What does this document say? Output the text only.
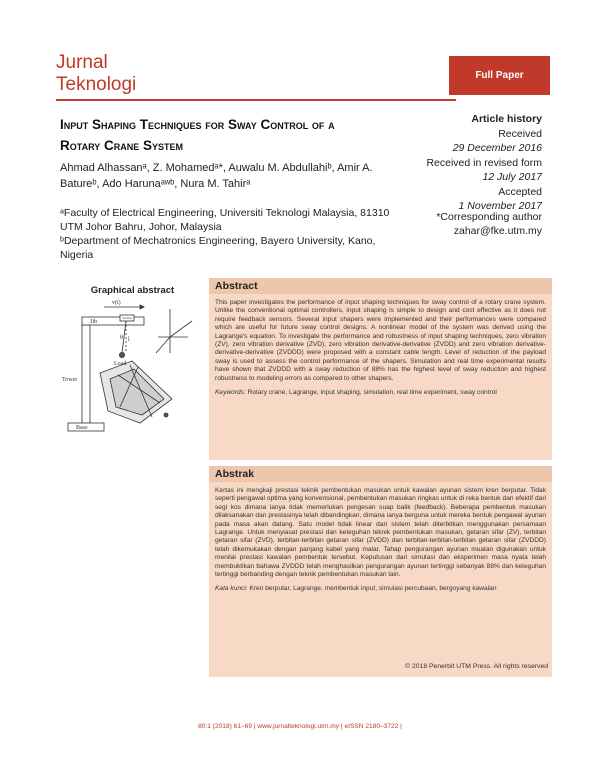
Jurnal
Teknologi	Full Paper
Input Shaping Techniques for Sway Control of a
Rotary Crane System
Article history
Received
29 December 2016
Received in revised form
12 July 2017
Accepted
1 November 2017
Ahmad Alhassanᵃ, Z. Mohamedᵃ*, Auwalu M. Abdullahiᵇ, Amir A.
Batureᵇ, Ado Harunaᵃʷᵇ, Nura M. Tahirᵃ

ᵃFaculty of Electrical Engineering, Universiti Teknologi Malaysia, 81310 UTM Johor Bahru, Johor, Malaysia

ᵇDepartment of Mechatronics Engineering, Bayero University, Kano, Nigeria

*Corresponding author
zahar@fke.utm.my
Graphical abstract
v(t)
Jib
Trolley
l
θ
Load
Tower
Base
Abstract
This paper investigates the performance of input shaping techniques for sway control of a rotary crane system. Unlike the conventional optimal controllers, input shaping is simple to design and cost effective as it does not require feedback sensors. Several input shapers were implemented and their performances were compared which are useful for future sway control designs. A nonlinear model of the system was derived using the Lagrange's equation. To investigate the performance and robustness of input shaping techniques, zero vibration (ZV), zero vibration derivative (ZVD), zero vibration derivative-derivative (ZVDD) and zero vibration derivative-derivative-derivative (ZVDDD) were proposed with a constant cable length. Level of reduction of the payload sway is used to assess the control performance of the shapers. Simulation and real time experimental results have shown that ZVDDD with a sway reduction of 88% has the highest level of sway reduction and highest robustness to modeling errors as compared to other shapers.
Keywords: Rotary crane, Lagrange, input shaping, simulation, real time experiment, sway control
Abstrak
Kertas ini mengkaji prestasi teknik pembentukan masukan untuk kawalan ayunan sistem kren berputar. Tidak seperti pengawal optima yang konvensional, pembentukan masukan ringkas untuk di reka bentuk dan efektif dari segi kos dimana ianya tidak memerlukan pengesan suap balik (feedback). Beberapa pembentuk masukan dilaksanakan dan prestasinya telah dibandingkan, dimana ianya berguna untuk mereka bentuk pengawal ayunan pada masa akan datang. Satu model tidak linear dari sistem telah diterbitkan menggunakan persamaan Lagrange. Untuk menyiasat prestasi dan keteguhan teknik pembentukan masukan, getaran sifar (ZV), terbitan getaran sifar (ZVD), terbitan-terbitan getaran sifar (ZVDD) dan terbitan-terbitan-terbitan getaran sifar (ZVDDD) telah dikemukakan dengan panjang kabel yang malar. Tahap pengurangan ayunan muatan digunakan untuk menilai prestasi kawalan pembentuk tersebut. Keputusan dari simulasi dan eksperimen masa nyata telah membuktikan bahawa ZVDDD telah menghasilkan pengurangan ayunan tertinggi sebanyak 88% dan keteguhan tertinggi berbanding dengan teknik pembentukan masukan lain.
Kata kunci: Kren berputar, Lagrange, membentuk input, simulasi percubaan, bergoyang kawalan
© 2018 Penerbit UTM Press. All rights reserved
80:1 (2018) 61–69 | www.jurnalteknologi.utm.my | eISSN 2180–3722 |
